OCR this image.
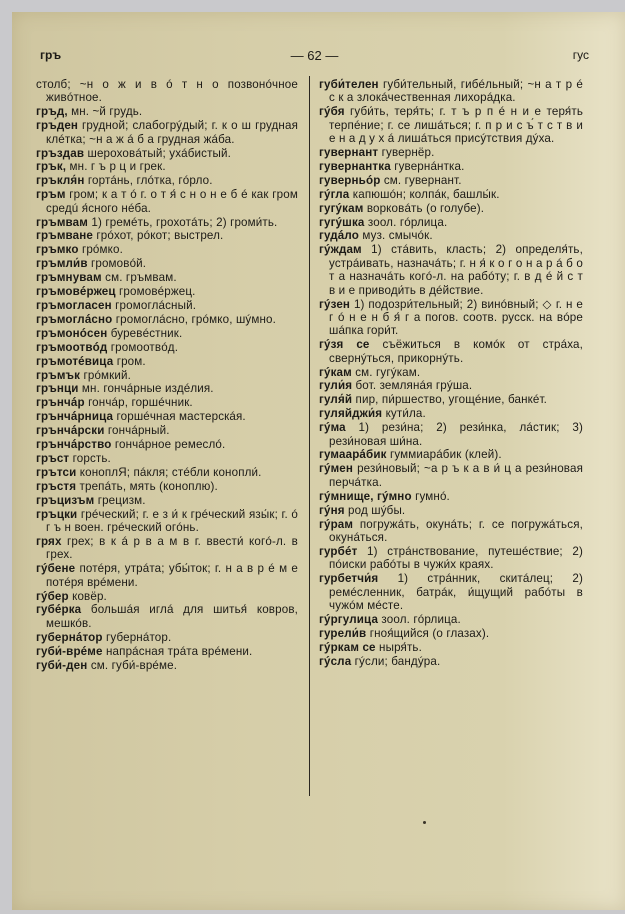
гръ	— 62 —	гус
столб; ~н о ж и в ó т н о позвонóчное живóтное.
гръд, мн. ~й грудь.
гръ́ден грудной; слабогрýдый; г. к о ш грудная клéтка; ~н а ж á б а грудная жáба.
гръздав шероховáтый; ухáбистый.
грък, мн. г ъ р ц и грек.
гръкля́н гортáнь, глóтка, гóрло.
гръм гром; к а т ó г. о т я́ с н о н е б é как гром средú я́сного нéба.
гръмвам 1) гремéть, грохотáть; 2) громи́ть.
гръмване грóхот, рóкот; выстрел.
гръмко грóмко.
гръмли́в громовóй.
гръмнувам см. гръмвам.
гръмовéржец громовéржец.
гръмогласен громоглáсный.
гръмоглáсно громоглáсно, грóмко, шýмно.
гръмонóсен буревéстник.
гръмоотвóд громоотвóд.
гръмотéвица гром.
гръмък грóмкий.
грънци мн. гончáрные издéлия.
грънчáр гончáр, горшéчник.
грънчáрница горшéчная мастерскáя.
грънчáрски гончáрный.
грънчáрство гончáрное ремеслó.
гръст горсть.
грътси коноплЯ; пáкля; стéбли конопли́.
гръстя трепáть, мять (коноплю).
гръцизъм грецизм.
гръцки грéческий; г. е з и́ к грéческий язы́к; г. ó г ъ н воен. грéческий огóнь.
грях грех; в к á р в а м в г. ввести́ когó-л. в грех.
гýбене потéря, утрáта; убы́ток; г. н а в р é м е потéря врéмени.
гýбер ковёр.
губéрка большáя иглá для шитья́ ковров, мешкóв.
губернáтор губернáтор.
губи́-врéме напрáсная трáта врéмени.
губи́-ден см. губи́-врéме.
губи́телен губи́тельный, гибéльный; ~н а т р é с к а злокáчественная лихорáдка.
гýбя губи́ть, теря́ть; г. т ъ р п é н и е теря́ть терпéние; г. се лишáться; г. п р и с ъ́ т с т в и е н а д у х á лишáться присýтствия дýха.
гувернант гувернёр.
гувернантка гувернáнтка.
гуверньóр см. гувернант.
гýгла капюшóн; колпáк, башлы́к.
гугýкам ворковáть (о голубе).
гугýшка зоол. гóрлица.
гудáло муз. смычóк.
гýждам 1) стáвить, класть; 2) определя́ть, устрáивать, назначáть; г. н я́ к о г о н а р á б о т а назначáть когó-л. на рабóту; г. в д é й с т в и е приводи́ть в дéйствие.
гýзен 1) подозри́тельный; 2) винóвный; ◇ г. н е г ó н е н б я́ г а погов. соотв. русск. на вóре шáпка гори́т.
гýзя се съёжиться в комóк от стрáха, свернýться, прикорнýть.
гýкам см. гугýкам.
гули́я бот. землянáя грýша.
гуля́й пир, пи́ршество, угощéние, банкéт.
гуляйджи́я кути́ла.
гýма 1) рези́на; 2) рези́нка, лáстик; 3) рези́новая ши́на.
гумаарáбик гуммиарáбик (клей).
гýмен рези́новый; ~а р ъ к а в и́ ц а рези́новая перчáтка.
гýмнище, гýмно гумнó.
гýня род шýбы.
гýрам погружáть, окунáть; г. се погружáться, окунáться.
гурбéт 1) стрáнствование, путешéствие; 2) пóиски рабóты в чужи́х краях.
гурбетчи́я 1) стрáнник, скитáлец; 2) ремéсленник, батрáк, и́щущий рабóты в чужóм мéсте.
гýргулица зоол. гóрлица.
гурели́в гноя́щийся (о глазах).
гýркам се ныря́ть.
гýсла гýсли; бандýра.
